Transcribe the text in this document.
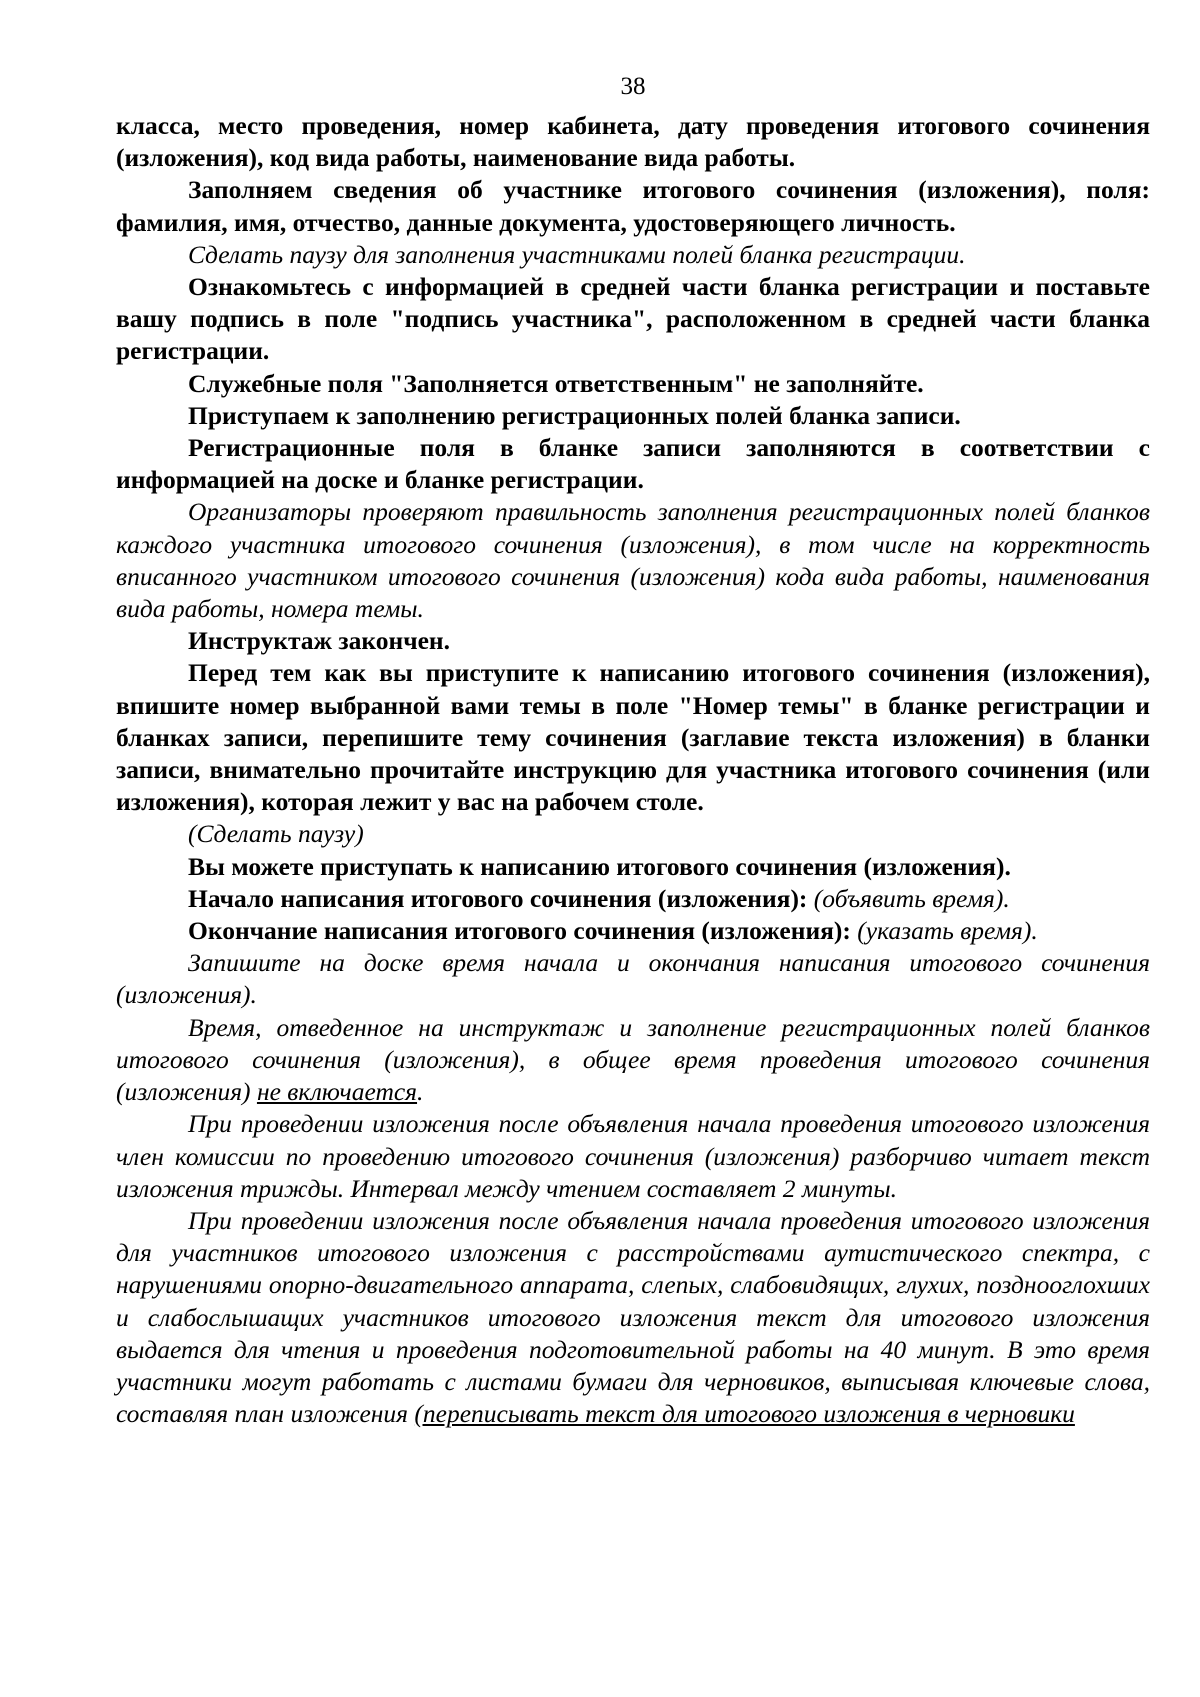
38

класса, место проведения, номер кабинета, дату проведения итогового сочинения (изложения), код вида работы, наименование вида работы.

Заполняем сведения об участнике итогового сочинения (изложения), поля: фамилия, имя, отчество, данные документа, удостоверяющего личность.

Сделать паузу для заполнения участниками полей бланка регистрации.

Ознакомьтесь с информацией в средней части бланка регистрации и поставьте вашу подпись в поле "подпись участника", расположенном в средней части бланка регистрации.

Служебные поля "Заполняется ответственным" не заполняйте.

Приступаем к заполнению регистрационных полей бланка записи.

Регистрационные поля в бланке записи заполняются в соответствии с информацией на доске и бланке регистрации.

Организаторы проверяют правильность заполнения регистрационных полей бланков каждого участника итогового сочинения (изложения), в том числе на корректность вписанного участником итогового сочинения (изложения) кода вида работы, наименования вида работы, номера темы.

Инструктаж закончен.

Перед тем как вы приступите к написанию итогового сочинения (изложения), впишите номер выбранной вами темы в поле "Номер темы" в бланке регистрации и бланках записи, перепишите тему сочинения (заглавие текста изложения) в бланки записи, внимательно прочитайте инструкцию для участника итогового сочинения (или изложения), которая лежит у вас на рабочем столе.

(Сделать паузу)

Вы можете приступать к написанию итогового сочинения (изложения).

Начало написания итогового сочинения (изложения): (объявить время).

Окончание написания итогового сочинения (изложения): (указать время).

Запишите на доске время начала и окончания написания итогового сочинения (изложения).

Время, отведенное на инструктаж и заполнение регистрационных полей бланков итогового сочинения (изложения), в общее время проведения итогового сочинения (изложения) не включается.

При проведении изложения после объявления начала проведения итогового изложения член комиссии по проведению итогового сочинения (изложения) разборчиво читает текст изложения трижды. Интервал между чтением составляет 2 минуты.

При проведении изложения после объявления начала проведения итогового изложения для участников итогового изложения с расстройствами аутистического спектра, с нарушениями опорно-двигательного аппарата, слепых, слабовидящих, глухих, позднооглохших и слабослышащих участников итогового изложения текст для итогового изложения выдается для чтения и проведения подготовительной работы на 40 минут. В это время участники могут работать с листами бумаги для черновиков, выписывая ключевые слова, составляя план изложения (переписывать текст для итогового изложения в черновики
